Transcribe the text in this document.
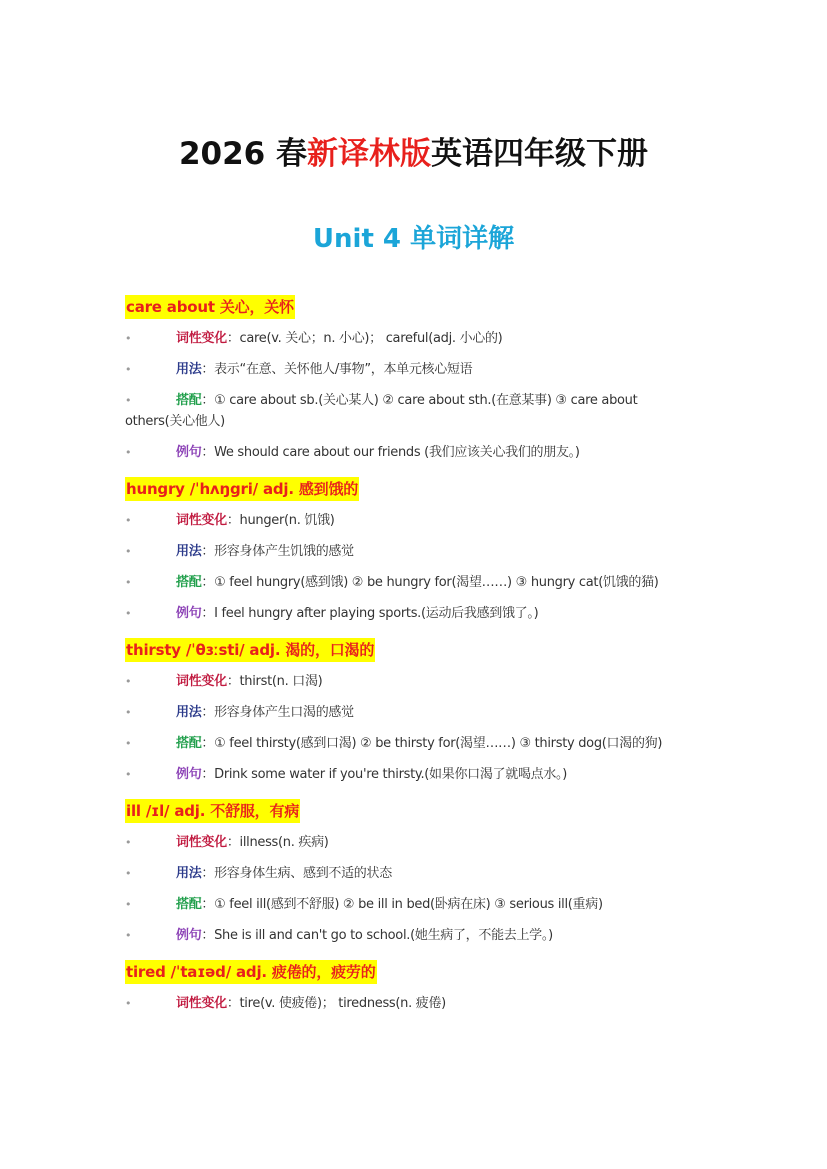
2026 春新译林版英语四年级下册
Unit 4 单词详解
care about 关心，关怀
•	词性变化：care(v. 关心；n. 小心)； careful(adj. 小心的)
•	用法：表示“在意、关怀他人/事物”，本单元核心短语
•	搭配：① care about sb.(关心某人) ② care about sth.(在意某事) ③ care about others(关心他人)
•	例句：We should care about our friends (我们应该关心我们的朋友。)
hungry /ˈhʌŋgri/ adj. 感到饿的
•	词性变化：hunger(n. 饥饿)
•	用法：形容身体产生饥饿的感觉
•	搭配：① feel hungry(感到饿) ② be hungry for(渴望……) ③ hungry cat(饥饿的猫)
•	例句：I feel hungry after playing sports.(运动后我感到饿了。)
thirsty /ˈθɜːsti/ adj. 渴的，口渴的
•	词性变化：thirst(n. 口渴)
•	用法：形容身体产生口渴的感觉
•	搭配：① feel thirsty(感到口渴) ② be thirsty for(渴望……) ③ thirsty dog(口渴的狗)
•	例句：Drink some water if you're thirsty.(如果你口渴了就喝点水。)
ill /ɪl/ adj. 不舒服，有病
•	词性变化：illness(n. 疾病)
•	用法：形容身体生病、感到不适的状态
•	搭配：① feel ill(感到不舒服) ② be ill in bed(卧病在床) ③ serious ill(重病)
•	例句：She is ill and can't go to school.(她生病了，不能去上学。)
tired /ˈtaɪəd/ adj. 疲倦的，疲劳的
•	词性变化：tire(v. 使疲倦)； tiredness(n. 疲倦)
